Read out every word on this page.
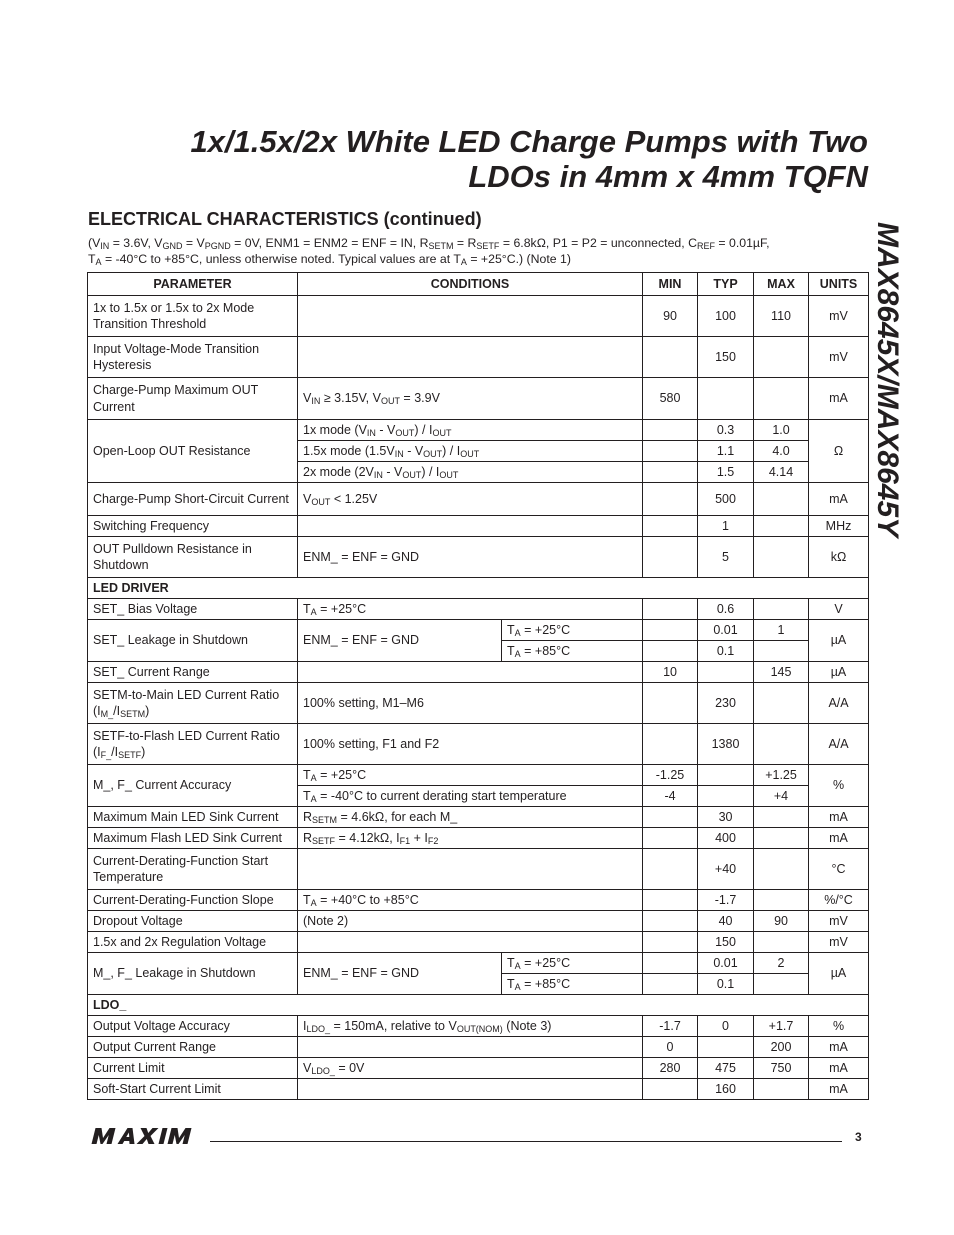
1x/1.5x/2x White LED Charge Pumps with Two
LDOs in 4mm x 4mm TQFN
MAX8645X/MAX8645Y
ELECTRICAL CHARACTERISTICS (continued)
($V_{IN} = 3.6V$, $V_{GND} = V_{PGND} = 0V$, ENM1 = ENM2 = ENF = IN, $R_{SETM} = R_{SETF} = 6.8k\Omega$, P1 = P2 = unconnected, $C_{REF} = 0.01\mu F$,
$T_A = -40^\circ C$ to +85°C, unless otherwise noted. Typical values are at $T_A = +25^\circ C$.) (Note 1)
PARAMETER	CONDITIONS		MIN	TYP	MAX	UNITS
1x to 1.5x or 1.5x to 2x Mode Transition Threshold			90	100	110	mV
Input Voltage-Mode Transition Hysteresis				150		mV
Charge-Pump Maximum OUT Current	$V_{IN} \ge 3.15V$, $V_{OUT} = 3.9V$		580			mA
Open-Loop OUT Resistance	1x mode $(V_{IN} - V_{OUT}) / I_{OUT}$			0.3	1.0	Ω
	1.5x mode $(1.5V_{IN} - V_{OUT}) / I_{OUT}$			1.1	4.0	
	2x mode $(2V_{IN} - V_{OUT}) / I_{OUT}$			1.5	4.14	
Charge-Pump Short-Circuit Current	$V_{OUT} < 1.25V$			500		mA
Switching Frequency				1		MHz
OUT Pulldown Resistance in Shutdown	ENM_ = ENF = GND			5		kΩ
LED DRIVER						
SET_ Bias Voltage	$T_A = +25^\circ C$			0.6		V
SET_ Leakage in Shutdown	ENM_ = ENF = GND	$T_A = +25^\circ C$		0.01	1	µA
		$T_A = +85^\circ C$		0.1		
SET_ Current Range			10		145	µA
SETM-to-Main LED Current Ratio
$(I_{M\_}/I_{SETM})$	100% setting, M1–M6			230		A/A
SETF-to-Flash LED Current Ratio
$(I_{F\_}/I_{SETF})$	100% setting, F1 and F2			1380		A/A
M_, F_ Current Accuracy	$T_A = +25^\circ C$		-1.25		+1.25	%
	$T_A = -40^\circ C$ to current derating start temperature		-4		+4	
Maximum Main LED Sink Current	$R_{SETM} = 4.6k\Omega$, for each M_			30		mA
Maximum Flash LED Sink Current	$R_{SETF} = 4.12k\Omega$, $I_{F1} + I_{F2}$			400		mA
Current-Derating-Function Start Temperature				+40		°C
Current-Derating-Function Slope	$T_A = +40^\circ C$ to +85°C			-1.7		%/°C
Dropout Voltage	(Note 2)			40	90	mV
1.5x and 2x Regulation Voltage				150		mV
M_, F_ Leakage in Shutdown	ENM_ = ENF = GND	$T_A = +25^\circ C$		0.01	2	µA
		$T_A = +85^\circ C$		0.1		
LDO_						
Output Voltage Accuracy	$I_{LDO\_} = 150mA$, relative to $V_{OUT(NOM)}$ (Note 3)		-1.7	0	+1.7	%
Output Current Range			0		200	mA
Current Limit	$V_{LDO\_} = 0V$		280	475	750	mA
Soft-Start Current Limit				160		mA
3
